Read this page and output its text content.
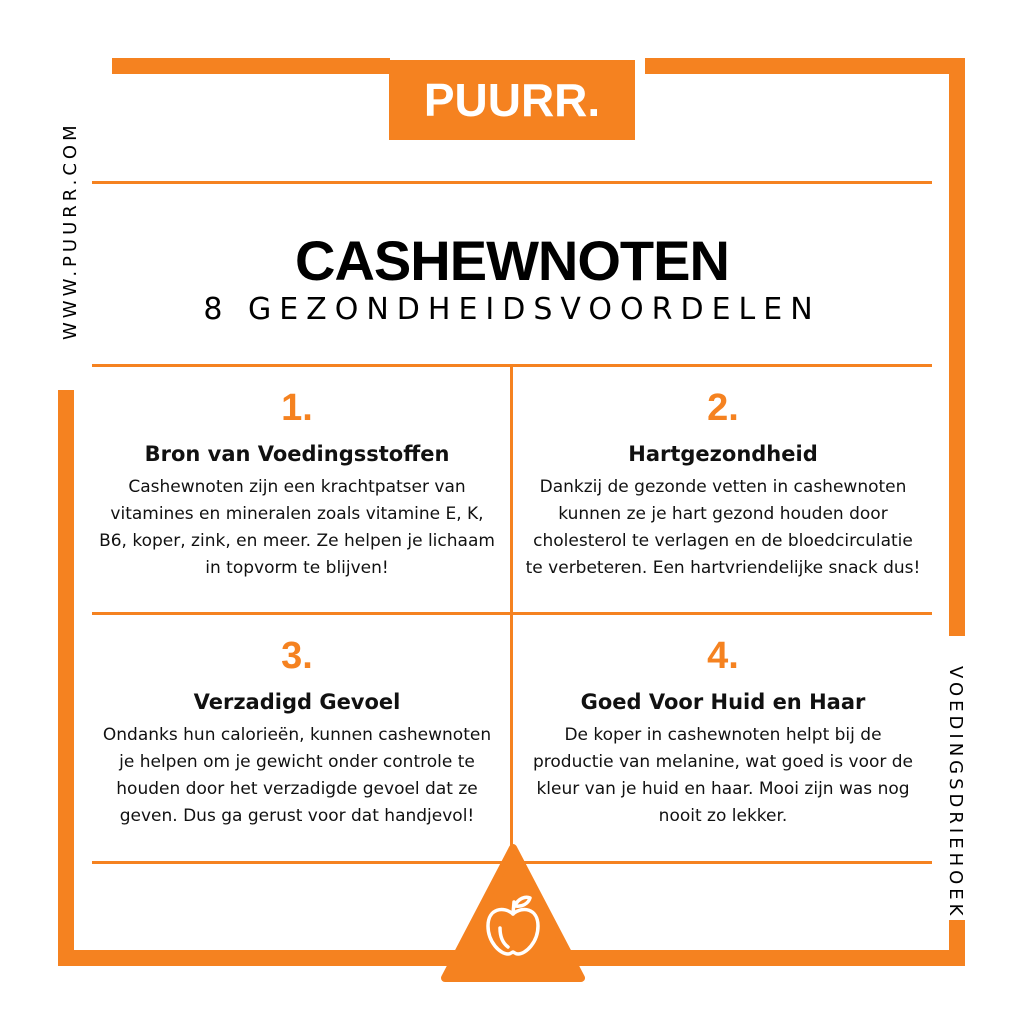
PUURR.
WWW.PUURR.COM
VOEDINGSDRIEHOEK
CASHEWNOTEN
8 GEZONDHEIDSVOORDELEN
1.
Bron van Voedingsstoffen
Cashewnoten zijn een krachtpatser van vitamines en mineralen zoals vitamine E, K, B6, koper, zink, en meer. Ze helpen je lichaam in topvorm te blijven!
2.
Hartgezondheid
Dankzij de gezonde vetten in cashewnoten kunnen ze je hart gezond houden door cholesterol te verlagen en de bloedcirculatie te verbeteren. Een hartvriendelijke snack dus!
3.
Verzadigd Gevoel
Ondanks hun calorieën, kunnen cashewnoten je helpen om je gewicht onder controle te houden door het verzadigde gevoel dat ze geven. Dus ga gerust voor dat handjevol!
4.
Goed Voor Huid en Haar
De koper in cashewnoten helpt bij de productie van melanine, wat goed is voor de kleur van je huid en haar. Mooi zijn was nog nooit zo lekker.
